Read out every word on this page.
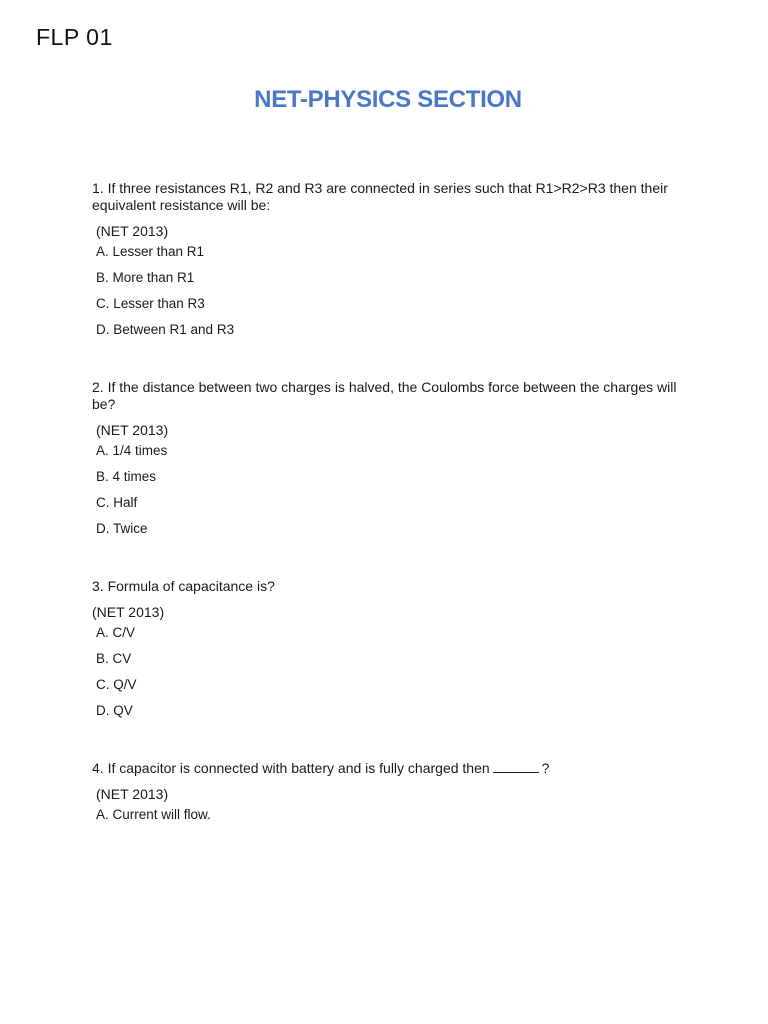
FLP 01
NET-PHYSICS SECTION
1. If three resistances R1, R2 and R3 are connected in series such that R1>R2>R3 then their equivalent resistance will be:
(NET 2013)
A. Lesser than R1
B. More than R1
C. Lesser than R3
D. Between R1 and R3
2. If the distance between two charges is halved, the Coulombs force between the charges will be?
(NET 2013)
A. 1/4 times
B. 4 times
C. Half
D. Twice
3. Formula of capacitance is?
(NET 2013)
A. C/V
B. CV
C. Q/V
D. QV
4. If capacitor is connected with battery and is fully charged then	?
(NET 2013)
A. Current will flow.
